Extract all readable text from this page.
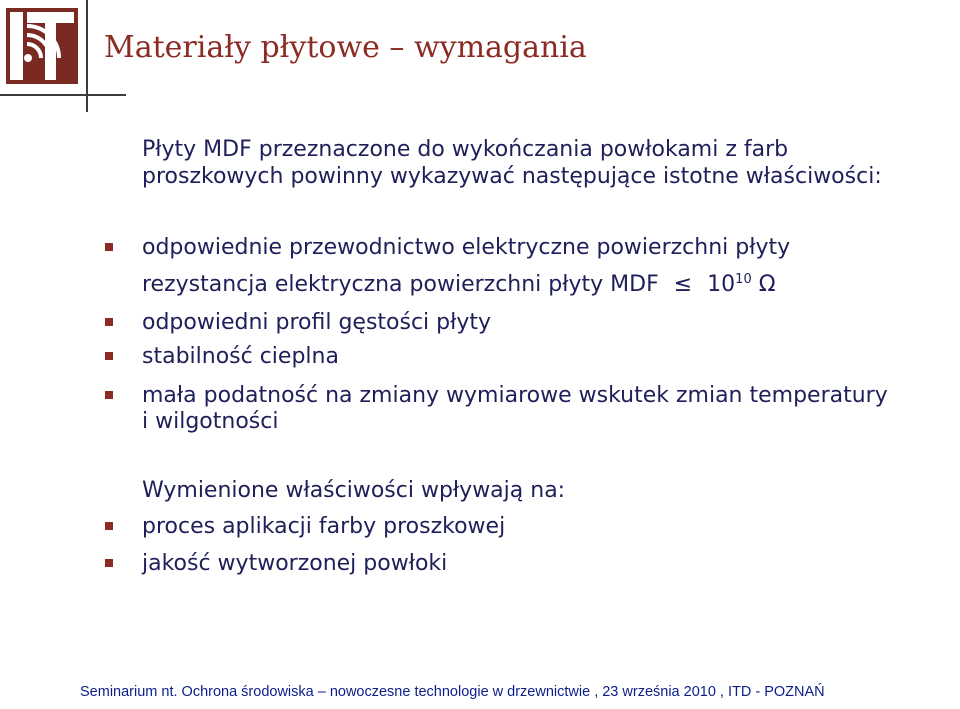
Materiały płytowe – wymagania
Płyty MDF przeznaczone do wykończania powłokami z farb
proszkowych powinny wykazywać następujące istotne właściwości:
odpowiednie przewodnictwo elektryczne powierzchni płyty
rezystancja elektryczna powierzchni płyty MDF ≤ $10^{10}$ Ω
odpowiedni profil gęstości płyty
stabilność cieplna
mała podatność na zmiany wymiarowe wskutek zmian temperatury
i wilgotności
Wymienione właściwości wpływają na:
proces aplikacji farby proszkowej
jakość wytworzonej powłoki
Seminarium nt. Ochrona środowiska – nowoczesne technologie w drzewnictwie , 23 września 2010 , ITD - POZNAŃ
